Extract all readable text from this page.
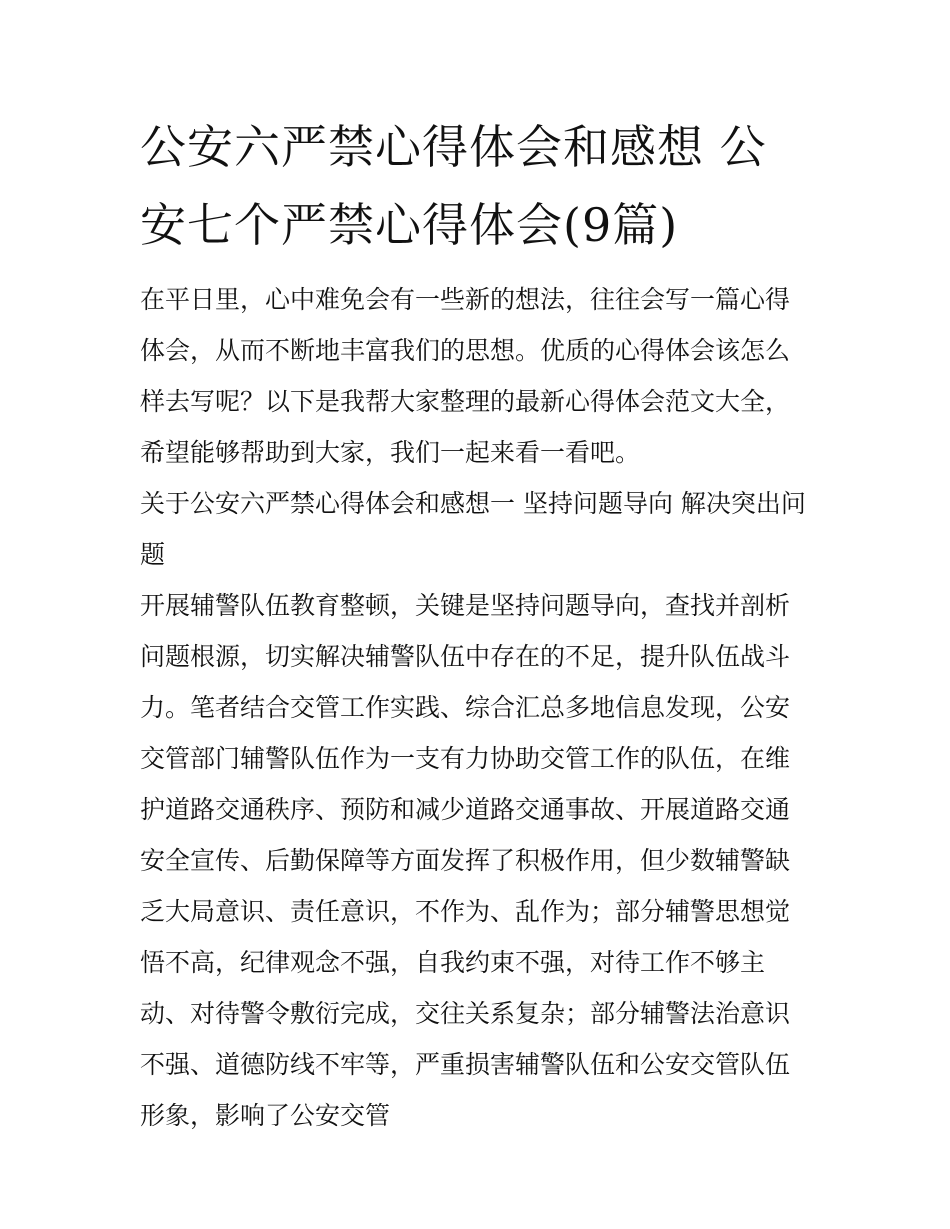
公安六严禁心得体会和感想 公安七个严禁心得体会(9篇)

在平日里，心中难免会有一些新的想法，往往会写一篇心得体会，从而不断地丰富我们的思想。优质的心得体会该怎么样去写呢？以下是我帮大家整理的最新心得体会范文大全，希望能够帮助到大家，我们一起来看一看吧。

关于公安六严禁心得体会和感想一 坚持问题导向 解决突出问题

开展辅警队伍教育整顿，关键是坚持问题导向，查找并剖析问题根源，切实解决辅警队伍中存在的不足，提升队伍战斗力。笔者结合交管工作实践、综合汇总多地信息发现，公安交管部门辅警队伍作为一支有力协助交管工作的队伍，在维护道路交通秩序、预防和减少道路交通事故、开展道路交通安全宣传、后勤保障等方面发挥了积极作用，但少数辅警缺乏大局意识、责任意识，不作为、乱作为；部分辅警思想觉悟不高，纪律观念不强，自我约束不强，对待工作不够主动、对待警令敷衍完成，交往关系复杂；部分辅警法治意识不强、道德防线不牢等，严重损害辅警队伍和公安交管队伍形象，影响了公安交管
